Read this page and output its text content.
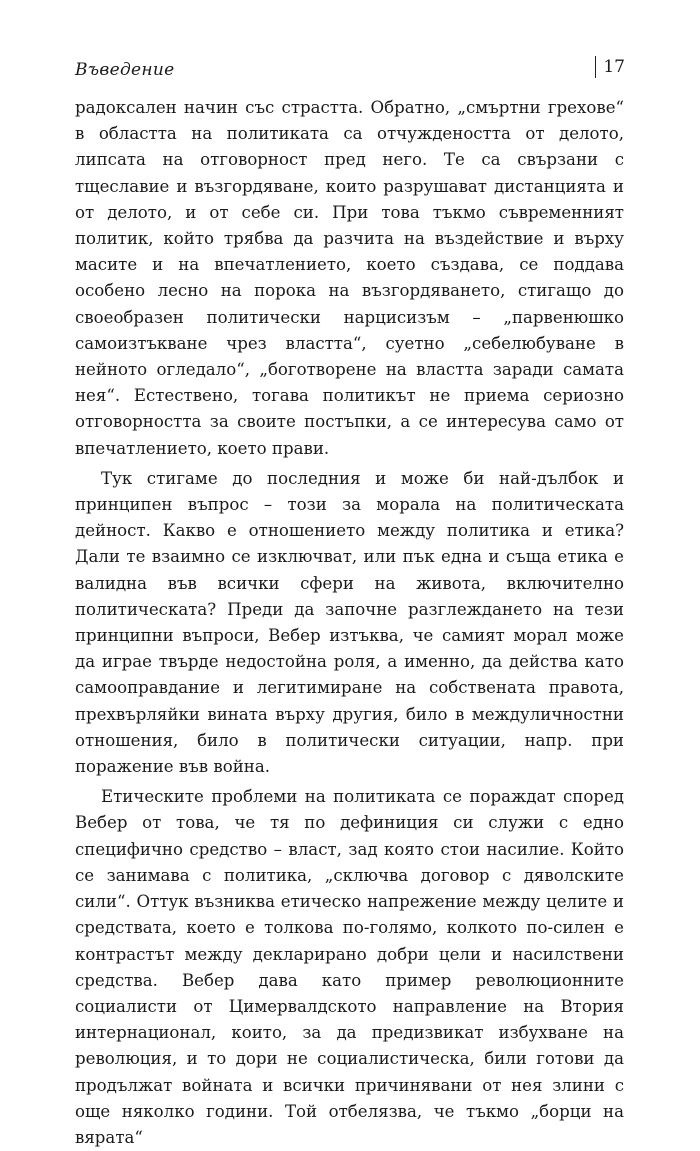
Въведение	17

радоксален начин със страстта. Обратно, „смъртни грехове“ в областта на политиката са отчуждеността от делото, липсата на отговорност пред него. Те са свързани с тщеславие и възгордяване, които разрушават дистанцията и от делото, и от себе си. При това тъкмо съвременният политик, който трябва да разчита на въздействие и върху масите и на впечатлението, което създава, се поддава особено лесно на порока на възгордяването, стигащо до своеобразен политически нарцисизъм – „парвенюшко самоизтъкване чрез властта“, суетно „себелюбуване в нейното огледало“, „боготворене на властта заради самата нея“. Естествено, тогава политикът не приема сериозно отговорността за своите постъпки, а се интересува само от впечатлението, което прави.

Тук стигаме до последния и може би най-дълбок и принципен въпрос – този за морала на политическата дейност. Какво е отношението между политика и етика? Дали те взаимно се изключват, или пък една и съща етика е валидна във всички сфери на живота, включително политическата? Преди да започне разглеждането на тези принципни въпроси, Вебер изтъква, че самият морал може да играе твърде недостойна роля, а именно, да действа като самооправдание и легитимиране на собствената правота, прехвърляйки вината върху другия, било в междуличностни отношения, било в политически ситуации, напр. при поражение във война.

Етическите проблеми на политиката се пораждат според Вебер от това, че тя по дефиниция си служи с едно специфично средство – власт, зад която стои насилие. Който се занимава с политика, „сключва договор с дяволските сили“. Оттук възниква етическо напрежение между целите и средствата, което е толкова по-голямо, колкото по-силен е контрастът между декларирано добри цели и насилствени средства. Вебер дава като пример революционните социалисти от Цимервалдското направление на Втория интернационал, които, за да предизвикат избухване на революция, и то дори не социалистическа, били готови да продължат войната и всички причинявани от нея злини с още няколко години. Той отбелязва, че тъкмо „борци на вярата“
